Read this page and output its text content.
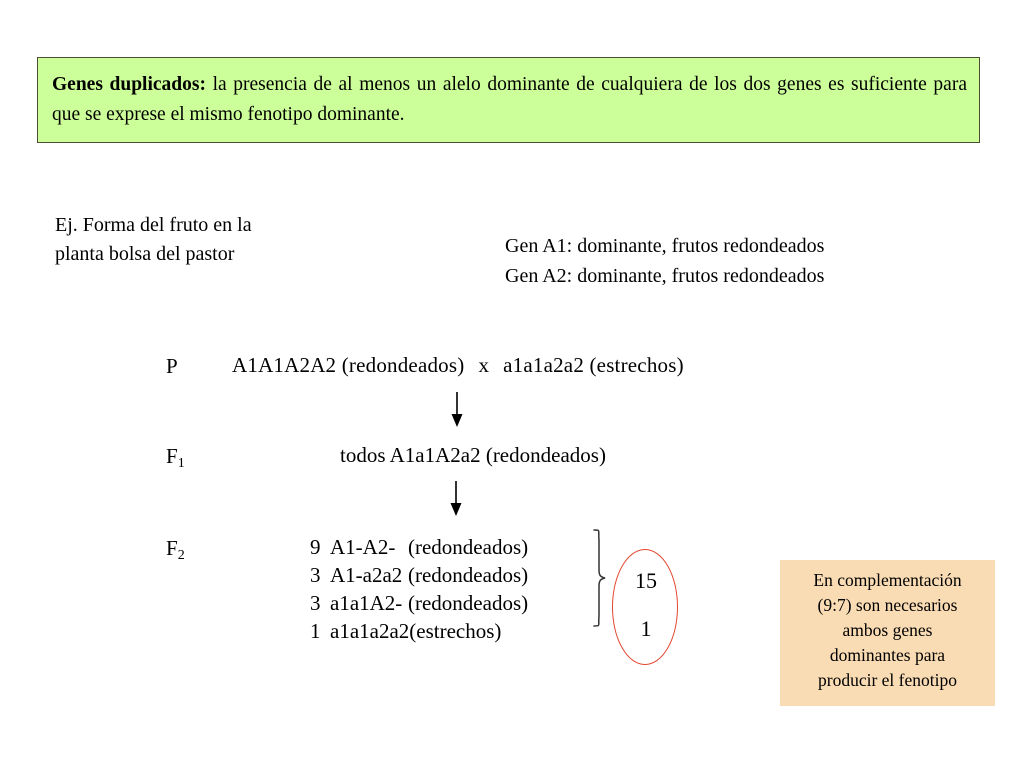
Genes duplicados: la presencia de al menos un alelo dominante de cualquiera de los dos genes es suficiente para que se exprese el mismo fenotipo dominante.
Ej. Forma del fruto en la
planta bolsa del pastor	Gen A1: dominante, frutos redondeados
Gen A2: dominante, frutos redondeados
P	A1A1A2A2 (redondeados) x a1a1a2a2 (estrechos)
$F_1$	todos A1a1A2a2 (redondeados)
$F_2$	9 A1-A2- (redondeados)
3 A1-a2a2 (redondeados)
3 a1a1A2- (redondeados)
1 a1a1a2a2(estrechos)
15
1
En complementación
(9:7) son necesarios
ambos genes
dominantes para
producir el fenotipo
